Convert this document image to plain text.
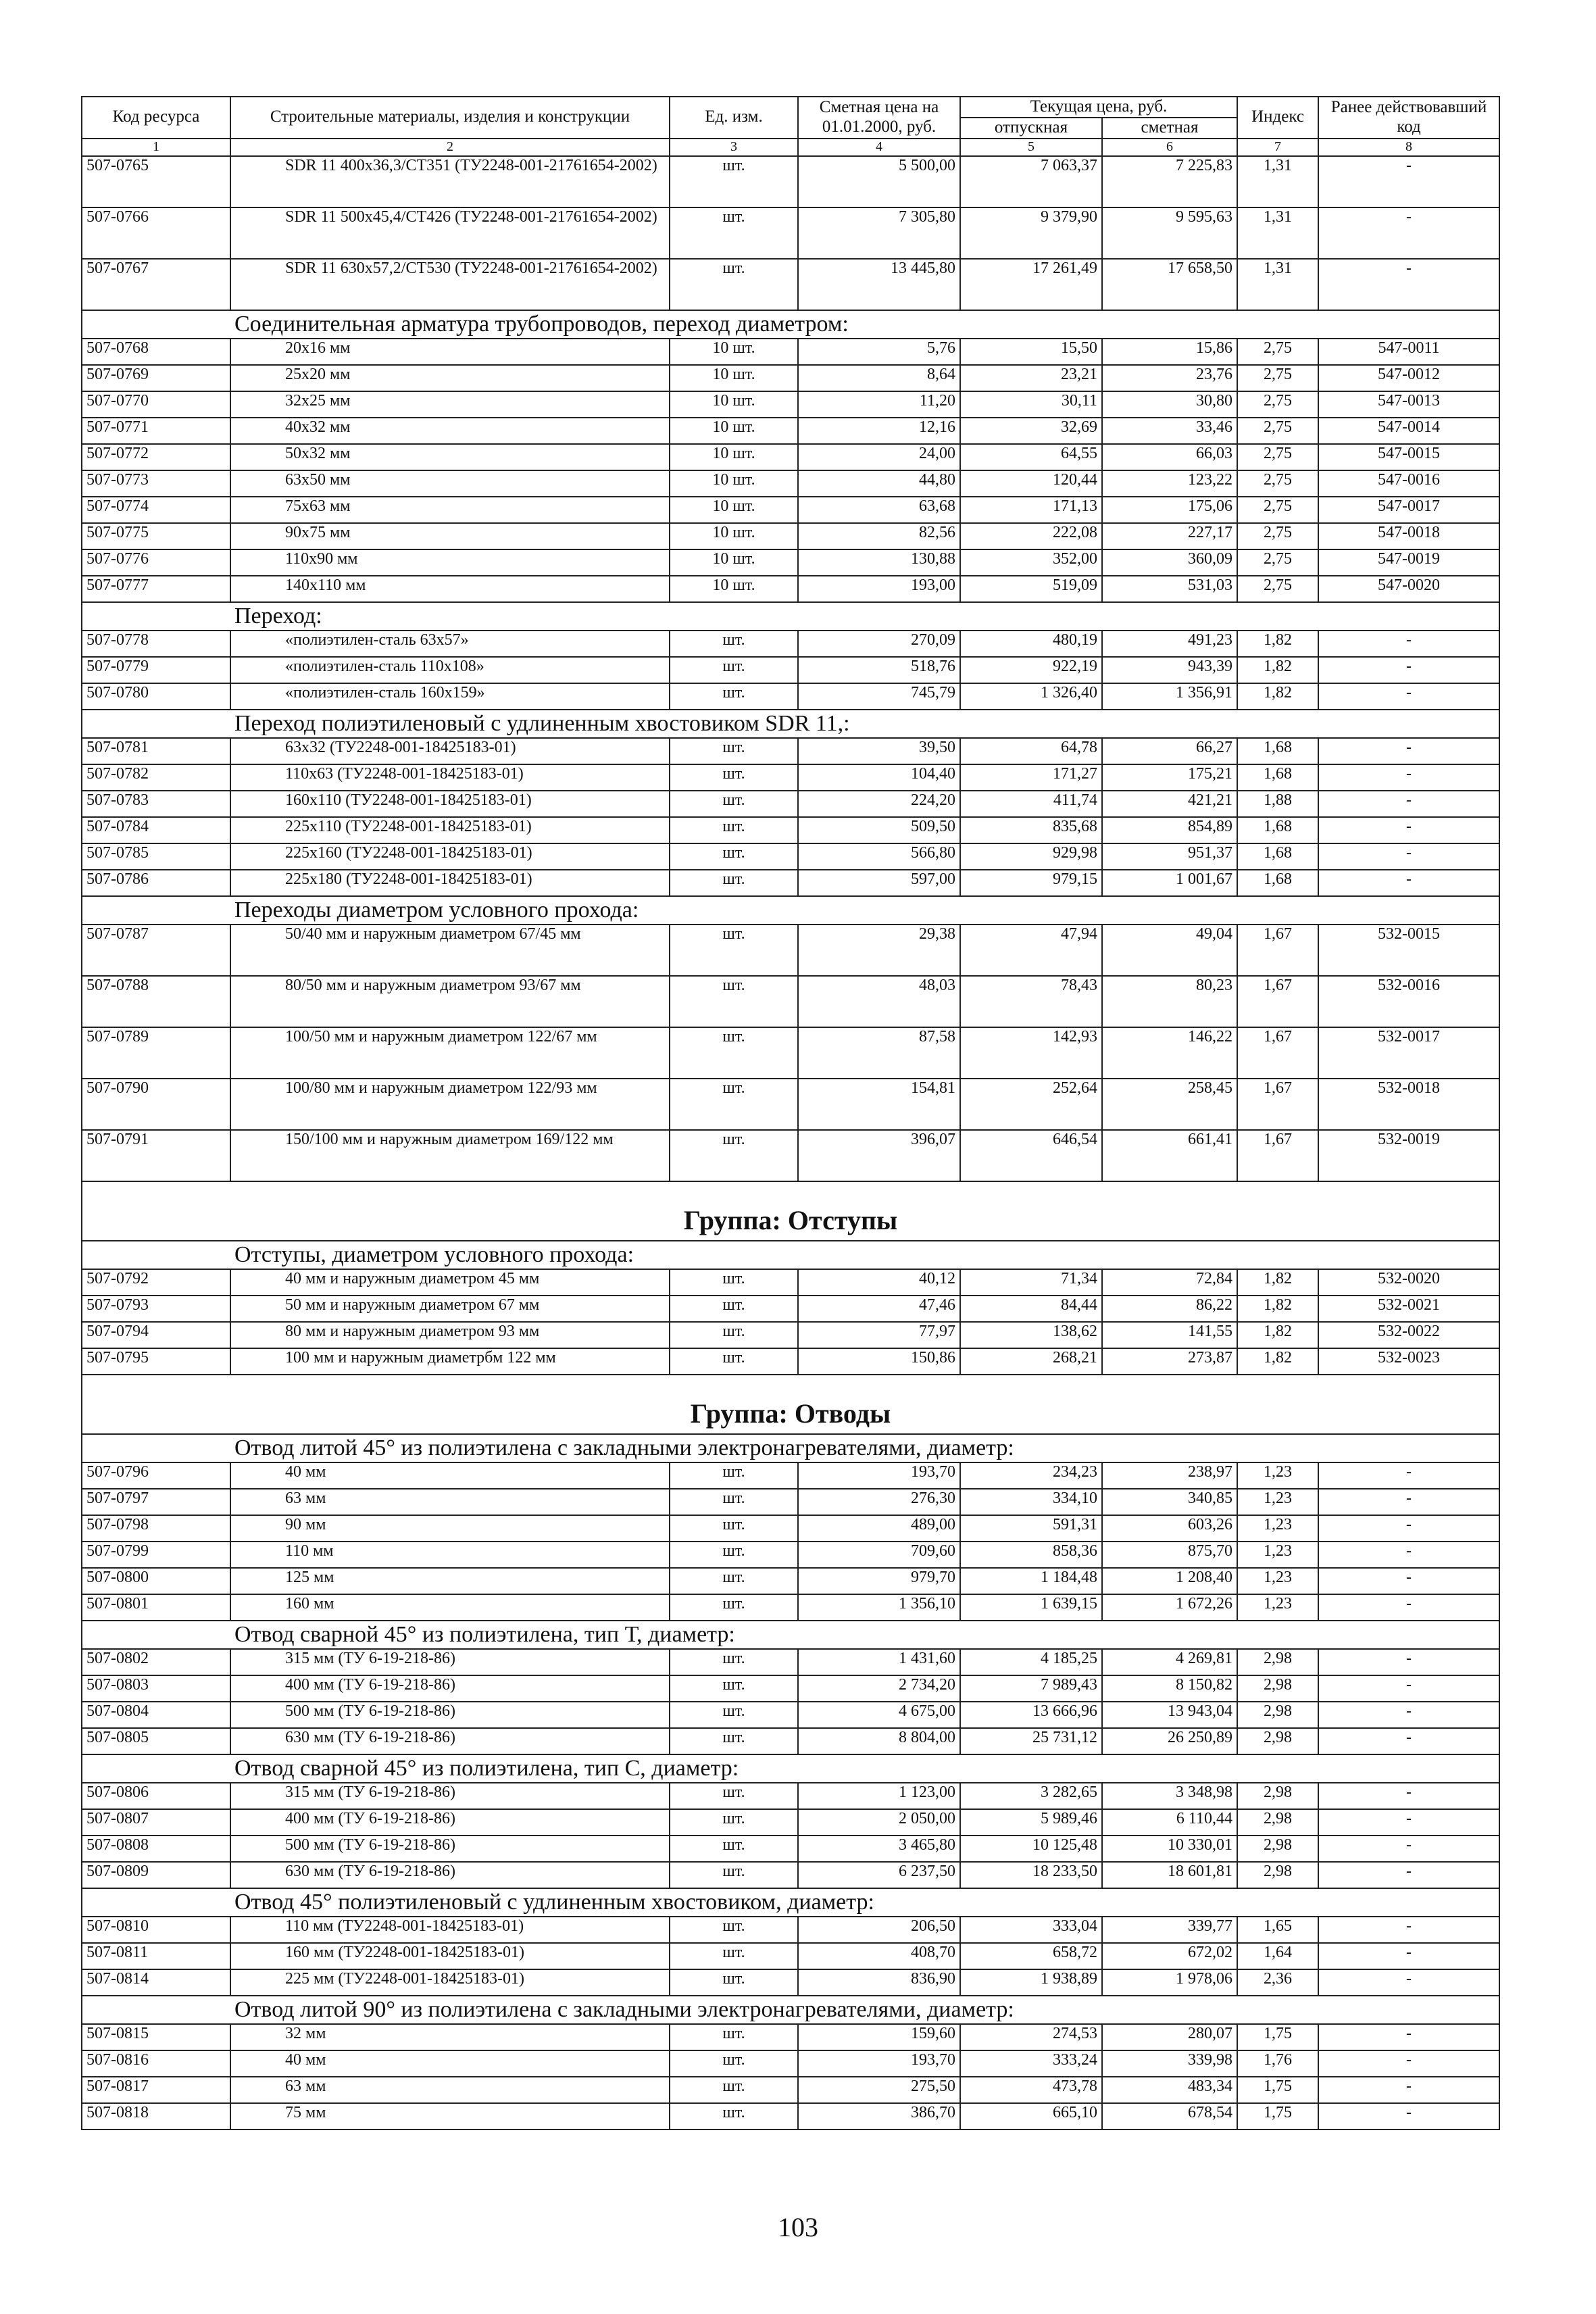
Код ресурса	Строительные материалы, изделия и конструкции	Ед. изм.	Сметная цена на 01.01.2000, руб.	Текущая цена, руб.		Индекс	Ранее действовавший код
				отпускная	сметная		
1	2	3	4	5	6	7	8
507-0765	SDR 11 400х36,3/СТ351 (ТУ2248-001-21761654-2002)	шт.	5 500,00	7 063,37	7 225,83	1,31	-
507-0766	SDR 11 500х45,4/СТ426 (ТУ2248-001-21761654-2002)	шт.	7 305,80	9 379,90	9 595,63	1,31	-
507-0767	SDR 11 630х57,2/СТ530 (ТУ2248-001-21761654-2002)	шт.	13 445,80	17 261,49	17 658,50	1,31	-
Соединительная арматура трубопроводов, переход диаметром:							
507-0768	20х16 мм	10 шт.	5,76	15,50	15,86	2,75	547-0011
507-0769	25х20 мм	10 шт.	8,64	23,21	23,76	2,75	547-0012
507-0770	32х25 мм	10 шт.	11,20	30,11	30,80	2,75	547-0013
507-0771	40х32 мм	10 шт.	12,16	32,69	33,46	2,75	547-0014
507-0772	50х32 мм	10 шт.	24,00	64,55	66,03	2,75	547-0015
507-0773	63х50 мм	10 шт.	44,80	120,44	123,22	2,75	547-0016
507-0774	75х63 мм	10 шт.	63,68	171,13	175,06	2,75	547-0017
507-0775	90х75 мм	10 шт.	82,56	222,08	227,17	2,75	547-0018
507-0776	110х90 мм	10 шт.	130,88	352,00	360,09	2,75	547-0019
507-0777	140х110 мм	10 шт.	193,00	519,09	531,03	2,75	547-0020
Переход:							
507-0778	«полиэтилен-сталь 63х57»	шт.	270,09	480,19	491,23	1,82	-
507-0779	«полиэтилен-сталь 110х108»	шт.	518,76	922,19	943,39	1,82	-
507-0780	«полиэтилен-сталь 160х159»	шт.	745,79	1 326,40	1 356,91	1,82	-
Переход полиэтиленовый с удлиненным хвостовиком SDR 11,:							
507-0781	63х32 (ТУ2248-001-18425183-01)	шт.	39,50	64,78	66,27	1,68	-
507-0782	110х63 (ТУ2248-001-18425183-01)	шт.	104,40	171,27	175,21	1,68	-
507-0783	160х110 (ТУ2248-001-18425183-01)	шт.	224,20	411,74	421,21	1,88	-
507-0784	225х110 (ТУ2248-001-18425183-01)	шт.	509,50	835,68	854,89	1,68	-
507-0785	225х160 (ТУ2248-001-18425183-01)	шт.	566,80	929,98	951,37	1,68	-
507-0786	225х180 (ТУ2248-001-18425183-01)	шт.	597,00	979,15	1 001,67	1,68	-
Переходы диаметром условного прохода:							
507-0787	50/40 мм и наружным диаметром 67/45 мм	шт.	29,38	47,94	49,04	1,67	532-0015
507-0788	80/50 мм и наружным диаметром 93/67 мм	шт.	48,03	78,43	80,23	1,67	532-0016
507-0789	100/50 мм и наружным диаметром 122/67 мм	шт.	87,58	142,93	146,22	1,67	532-0017
507-0790	100/80 мм и наружным диаметром 122/93 мм	шт.	154,81	252,64	258,45	1,67	532-0018
507-0791	150/100 мм и наружным диаметром 169/122 мм	шт.	396,07	646,54	661,41	1,67	532-0019
Группа: Отступы							
Отступы, диаметром условного прохода:							
507-0792	40 мм и наружным диаметром 45 мм	шт.	40,12	71,34	72,84	1,82	532-0020
507-0793	50 мм и наружным диаметром 67 мм	шт.	47,46	84,44	86,22	1,82	532-0021
507-0794	80 мм и наружным диаметром 93 мм	шт.	77,97	138,62	141,55	1,82	532-0022
507-0795	100 мм и наружным диаметрбм 122 мм	шт.	150,86	268,21	273,87	1,82	532-0023
Группа: Отводы							
Отвод литой 45° из полиэтилена с закладными электронагревателями, диаметр:							
507-0796	40 мм	шт.	193,70	234,23	238,97	1,23	-
507-0797	63 мм	шт.	276,30	334,10	340,85	1,23	-
507-0798	90 мм	шт.	489,00	591,31	603,26	1,23	-
507-0799	110 мм	шт.	709,60	858,36	875,70	1,23	-
507-0800	125 мм	шт.	979,70	1 184,48	1 208,40	1,23	-
507-0801	160 мм	шт.	1 356,10	1 639,15	1 672,26	1,23	-
Отвод сварной 45° из полиэтилена, тип Т, диаметр:							
507-0802	315 мм (ТУ 6-19-218-86)	шт.	1 431,60	4 185,25	4 269,81	2,98	-
507-0803	400 мм (ТУ 6-19-218-86)	шт.	2 734,20	7 989,43	8 150,82	2,98	-
507-0804	500 мм (ТУ 6-19-218-86)	шт.	4 675,00	13 666,96	13 943,04	2,98	-
507-0805	630 мм (ТУ 6-19-218-86)	шт.	8 804,00	25 731,12	26 250,89	2,98	-
Отвод сварной 45° из полиэтилена, тип С, диаметр:							
507-0806	315 мм (ТУ 6-19-218-86)	шт.	1 123,00	3 282,65	3 348,98	2,98	-
507-0807	400 мм (ТУ 6-19-218-86)	шт.	2 050,00	5 989,46	6 110,44	2,98	-
507-0808	500 мм (ТУ 6-19-218-86)	шт.	3 465,80	10 125,48	10 330,01	2,98	-
507-0809	630 мм (ТУ 6-19-218-86)	шт.	6 237,50	18 233,50	18 601,81	2,98	-
Отвод 45° полиэтиленовый с удлиненным хвостовиком, диаметр:							
507-0810	110 мм (ТУ2248-001-18425183-01)	шт.	206,50	333,04	339,77	1,65	-
507-0811	160 мм (ТУ2248-001-18425183-01)	шт.	408,70	658,72	672,02	1,64	-
507-0814	225 мм (ТУ2248-001-18425183-01)	шт.	836,90	1 938,89	1 978,06	2,36	-
Отвод литой 90° из полиэтилена с закладными электронагревателями, диаметр:							
507-0815	32 мм	шт.	159,60	274,53	280,07	1,75	-
507-0816	40 мм	шт.	193,70	333,24	339,98	1,76	-
507-0817	63 мм	шт.	275,50	473,78	483,34	1,75	-
507-0818	75 мм	шт.	386,70	665,10	678,54	1,75	-
103
